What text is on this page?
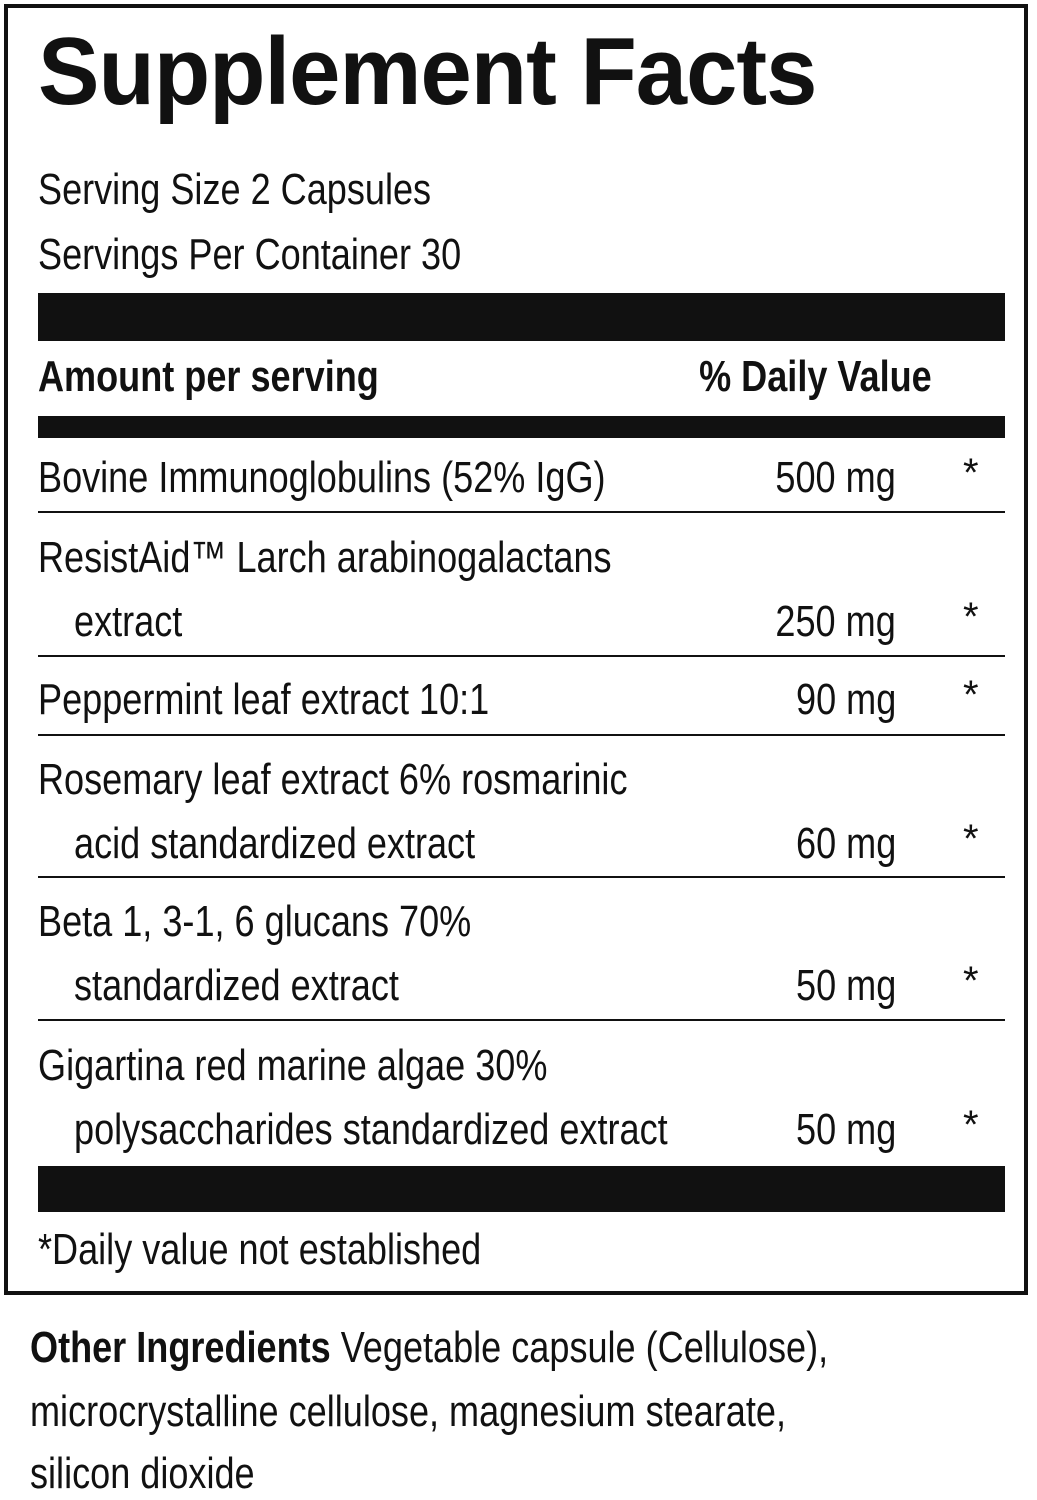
Supplement Facts
Serving Size 2 Capsules
Servings Per Container 30
Amount per serving	% Daily Value
Bovine Immunoglobulins (52% IgG)	500 mg *
ResistAid™ Larch arabinogalactans
extract	250 mg *
Peppermint leaf extract 10:1	90 mg *
Rosemary leaf extract 6% rosmarinic
acid standardized extract	60 mg *
Beta 1, 3-1, 6 glucans 70%
standardized extract	50 mg *
Gigartina red marine algae 30%
polysaccharides standardized extract	50 mg *
*Daily value not established
Other Ingredients Vegetable capsule (Cellulose),
microcrystalline cellulose, magnesium stearate,
silicon dioxide
